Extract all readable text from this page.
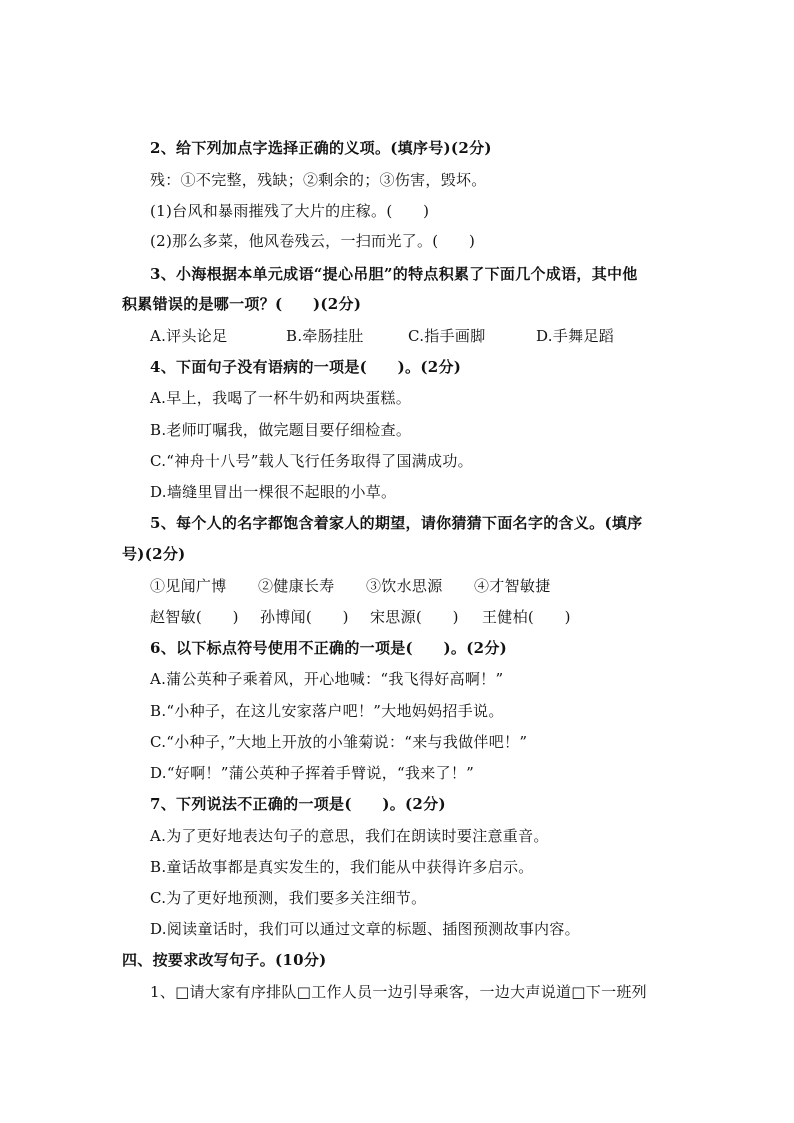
2、给下列加点字选择正确的义项。(填序号)(2分)
残：①不完整，残缺；②剩余的；③伤害，毁坏。
(1)台风和暴雨摧残了大片的庄稼。(　　)
(2)那么多菜，他风卷残云，一扫而光了。(　　)
3、小海根据本单元成语“提心吊胆”的特点积累了下面几个成语，其中他
积累错误的是哪一项？(　　)(2分)
A.评头论足	B.牵肠挂肚	C.指手画脚	D.手舞足蹈
4、下面句子没有语病的一项是(　　)。(2分)
A.早上，我喝了一杯牛奶和两块蛋糕。
B.老师叮嘱我，做完题目要仔细检查。
C.“神舟十八号”载人飞行任务取得了国满成功。
D.墙缝里冒出一棵很不起眼的小草。
5、每个人的名字都饱含着家人的期望，请你猜猜下面名字的含义。(填序
号)(2分)
①见闻广博 ②健康长寿 ③饮水思源 ④才智敏捷
赵智敏(　　) 孙博闻(　　) 宋思源(　　) 王健柏(　　)
6、以下标点符号使用不正确的一项是(　　)。(2分)
A.蒲公英种子乘着风，开心地喊：“我飞得好高啊！”
B.“小种子，在这儿安家落户吧！”大地妈妈招手说。
C.“小种子，”大地上开放的小雏菊说：“来与我做伴吧！”
D.“好啊！”蒲公英种子挥着手臂说，“我来了！”
7、下列说法不正确的一项是(　　)。(2分)
A.为了更好地表达句子的意思，我们在朗读时要注意重音。
B.童话故事都是真实发生的，我们能从中获得许多启示。
C.为了更好地预测，我们要多关注细节。
D.阅读童话时，我们可以通过文章的标题、插图预测故事内容。
四、按要求改写句子。(10分)
1、□请大家有序排队□工作人员一边引导乘客，一边大声说道□下一班列
